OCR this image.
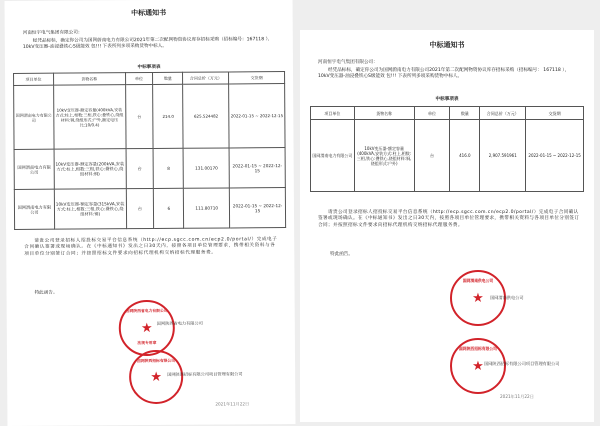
中标通知书
河南恒宇电气集团有限公司：
经凭品标标，确定你公司为国网蔚南电力有限公司2021年第二次配网物资协议库存招标采购（招标编号：167118 ），10kV变压器-油浸叠铁心S级能效 包!!! 下表所列多项采购货物中标人。
中标事项表
项目单位	货物名称	单位	数量	合同总价（万元）	交货期
国网渭南电力有限公司	10kV变压器-额定容量(400kVA,安装方式:柱上,相数:三相,铁心:叠铁心,绕组材料:铜,绕组形式:户外,额定电压比:10/0.4)	台	214.0	625.524482	2022-01-15 ~ 2022-12-15
国网渭南电力有限公司	10kV变压器-额定容量(200kVA,安装方式:柱上,相数:三相,铁心:叠铁心,绕组材料:铜)	台	8	131.00170	2022-01-15 ~ 2022-12-15
国网渭南电力有限公司	10kV变压器-额定容量(315kVA,安装方式:柱上,相数:三相,铁心:叠铁心,绕组材料:铜)	台	6	111.80710	2022-01-15 ~ 2022-12-15
请贵公司登录招标人招投标交易平台信息系统（http://ecp.sgcc.com.cn/ecp2.0/portal/）完成电子合同确认签署或现场确认。在《中标通知书》发出之日30天内，按照各项目单位管理要求，携带相关资料与各项目单位分别签订合同；并按照招标文件要求向招标代理机构交纳招标代理服务费。
特此函告。
国网陕西省电力有限公司
★
法规专用章
国网陕西省电力有限公司
国网陕西招标有限公司
★ 国网陕西招标有限公司项目管理有限公司
2021年11月22日
中标通知书
河南恒宇电气集团有限公司：
经凭品标标，确定你公司为国网蔚南电力有限公司2021年第二次配网物资协议库存招标采购（招标编号： 167118 ），10kV变压器-油浸叠铁心S级能效 包!!! 下表所列多项采购货物中标人。
中标事项表
项目单位	货物名称	单位	数量	合同总价（万元）	交货期
国网渭南电力有限公司	10kV变压器-额定容量(400kVA,安装方式:柱上,相数:三相,铁心:叠铁心,绕组材料:铜,绕组形式:户外)	台	416.0	2,907.591961	2022-01-15 ~ 2022-12-15
请贵公司登录招标人招投标交易平台信息系统（http://ecp.sgcc.com.cn/ecp2.0/portal/）完成电子合同确认签署或现场确认。在《中标通知书》发出之日30天内，按照各项目单位管理要求，携带相关资料与各项目单位分别签订合同；并按照招标文件要求向招标代理机构交纳招标代理服务费。
特此函告。
国网渭南供电公司
★ 国网渭南供电公司
国网陕西招标有限公司
★ 国网陕西招标有限公司项目管理有限公司
2021年11月22日
